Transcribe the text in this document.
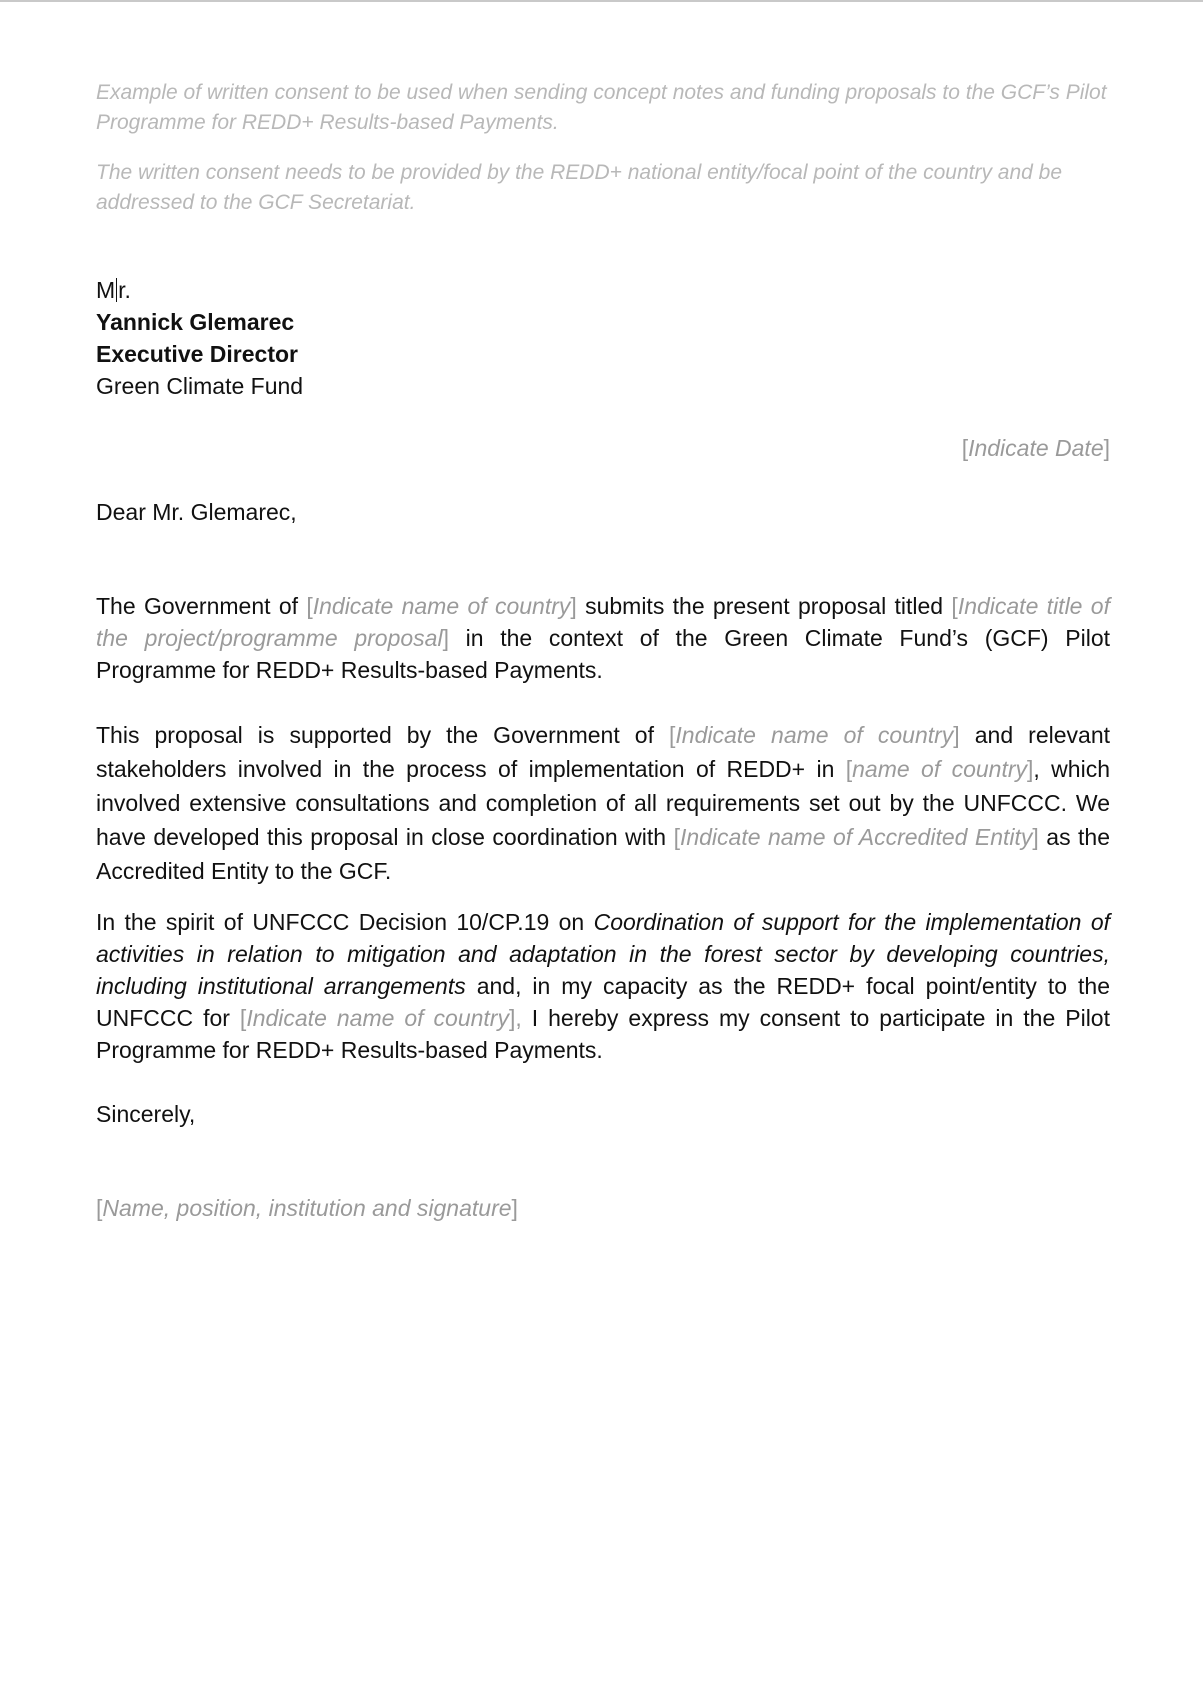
Example of written consent to be used when sending concept notes and funding proposals to the GCF’s Pilot Programme for REDD+ Results-based Payments.

The written consent needs to be provided by the REDD+ national entity/focal point of the country and be addressed to the GCF Secretariat.

M r.
Yannick Glemarec
Executive Director
Green Climate Fund
[Indicate Date]
Dear Mr. Glemarec,

The Government of [Indicate name of country] submits the present proposal titled [Indicate title of the project/programme proposal] in the context of the Green Climate Fund’s (GCF) Pilot Programme for REDD+ Results-based Payments.

This proposal is supported by the Government of [Indicate name of country] and relevant stakeholders involved in the process of implementation of REDD+ in [name of country], which involved extensive consultations and completion of all requirements set out by the UNFCCC. We have developed this proposal in close coordination with [Indicate name of Accredited Entity] as the Accredited Entity to the GCF.

In the spirit of UNFCCC Decision 10/CP.19 on Coordination of support for the implementation of activities in relation to mitigation and adaptation in the forest sector by developing countries, including institutional arrangements and, in my capacity as the REDD+ focal point/entity to the UNFCCC for [Indicate name of country], I hereby express my consent to participate in the Pilot Programme for REDD+ Results-based Payments.

Sincerely,
[Name, position, institution and signature]
